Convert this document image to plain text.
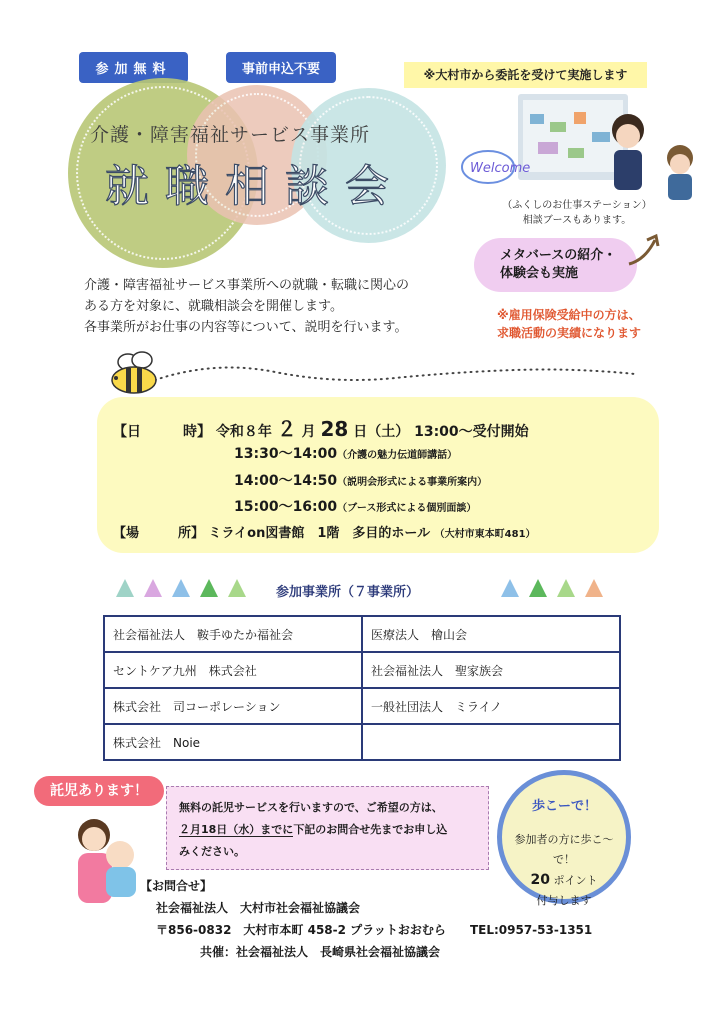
参加無料	事前申込不要
介護・障害福祉サービス事業所
就職相談会
※大村市から委託を受けて実施します
Welcome
（ふくしのお仕事ステーション）
相談ブースもあります。
メタバースの紹介・
体験会も実施
※雇用保険受給中の方は、
求職活動の実績になります
介護・障害福祉サービス事業所への就職・転職に関心の
ある方を対象に、就職相談会を開催します。
各事業所がお仕事の内容等について、説明を行います。
【日　　　時】 令和８年 ２ 月 28 日（土） 13:00～受付開始
13:30～14:00（介護の魅力伝道師講話）
14:00～14:50（説明会形式による事業所案内）
15:00～16:00（ブース形式による個別面談）
【場　　　所】 ミライon図書館　1階　多目的ホール （大村市東本町481）
参加事業所（７事業所）
社会福祉法人　鞍手ゆたか福祉会	医療法人　檜山会
セントケア九州　株式会社	社会福祉法人　聖家族会
株式会社　司コーポレーション	一般社団法人　ミライノ
株式会社　Noie	
託児あります！
無料の託児サービスを行いますので、ご希望の方は、
２月18日（水）までに下記のお問合せ先までお申し込
みください。
歩こーで！
参加者の方に歩こ～で！
20 ポイント
付与します
【お問合せ】
社会福祉法人　大村市社会福祉協議会
〒856-0832　大村市本町 458-2 プラットおおむら　　 TEL:0957-53-1351
共催：社会福祉法人　長崎県社会福祉協議会
